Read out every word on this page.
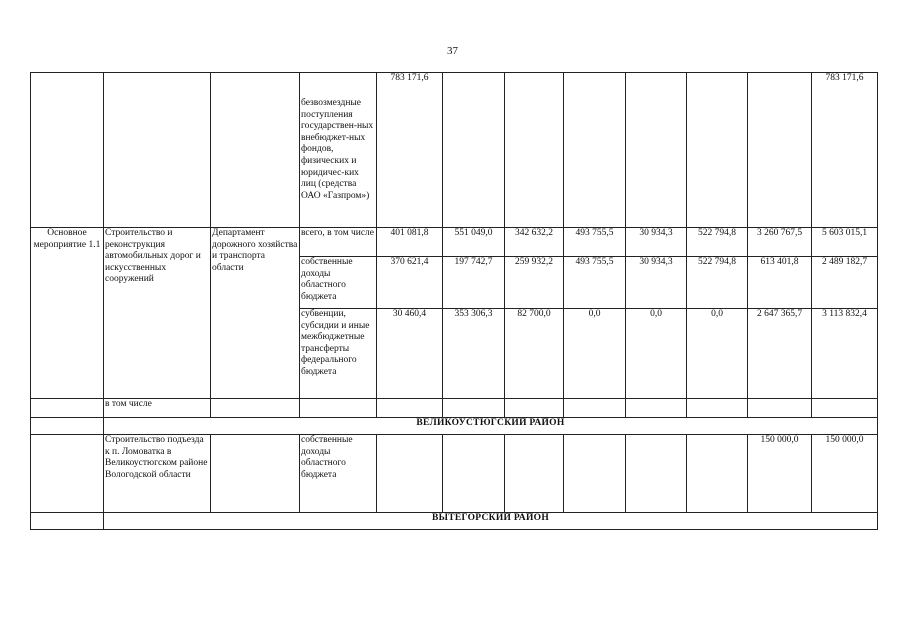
37
			безвозмездные поступления государствен-ных внебюджет-ных фондов, физических и юридичес-ких лиц (средства ОАО «Газпром»)	783 171,6							783 171,6
Основное мероприятие 1.1	Строительство и реконструкция автомобильных дорог и искусственных сооружений	Департамент дорожного хозяйства и транспорта области	всего, в том числе	401 081,8	551 049,0	342 632,2	493 755,5	30 934,3	522 794,8	3 260 767,5	5 603 015,1
			собственные доходы областного бюджета	370 621,4	197 742,7	259 932,2	493 755,5	30 934,3	522 794,8	613 401,8	2 489 182,7
			субвенции, субсидии и иные межбюджетные трансферты федерального бюджета	30 460,4	353 306,3	82 700,0	0,0	0,0	0,0	2 647 365,7	3 113 832,4
	в том числе										
	ВЕЛИКОУСТЮГСКИЙ РАЙОН										
	Строительство подъезда к п. Ломоватка в Великоустюгском районе Вологодской области		собственные доходы областного бюджета							150 000,0	150 000,0
	ВЫТЕГОРСКИЙ РАЙОН										
